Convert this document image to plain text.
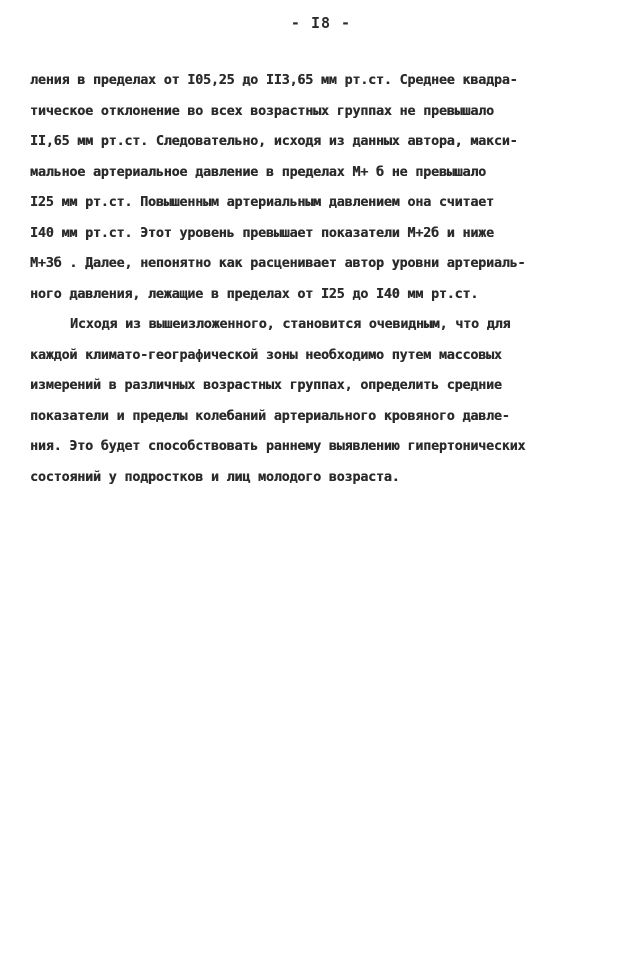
- I8 -
ления в пределах от I05,25 до II3,65 мм рт.ст. Среднее квадра-
тическое отклонение во всех возрастных группах не превышало
II,65 мм рт.ст. Следовательно, исходя из данных автора, макси-
мальное артериальное давление в пределах М+ б не превышало
I25 мм рт.ст. Повышенным артериальным давлением она считает
I40 мм рт.ст. Этот уровень превышает показатели М+2б и ниже
М+3б . Далее, непонятно как расценивает автор уровни артериаль-
ного давления, лежащие в пределах от I25 до I40 мм рт.ст.
Исходя из вышеизложенного, становится очевидным, что для
каждой климато-географической зоны необходимо путем массовых
измерений в различных возрастных группах, определить средние
показатели и пределы колебаний артериального кровяного давле-
ния. Это будет способствовать раннему выявлению гипертонических
состояний у подростков и лиц молодого возраста.
